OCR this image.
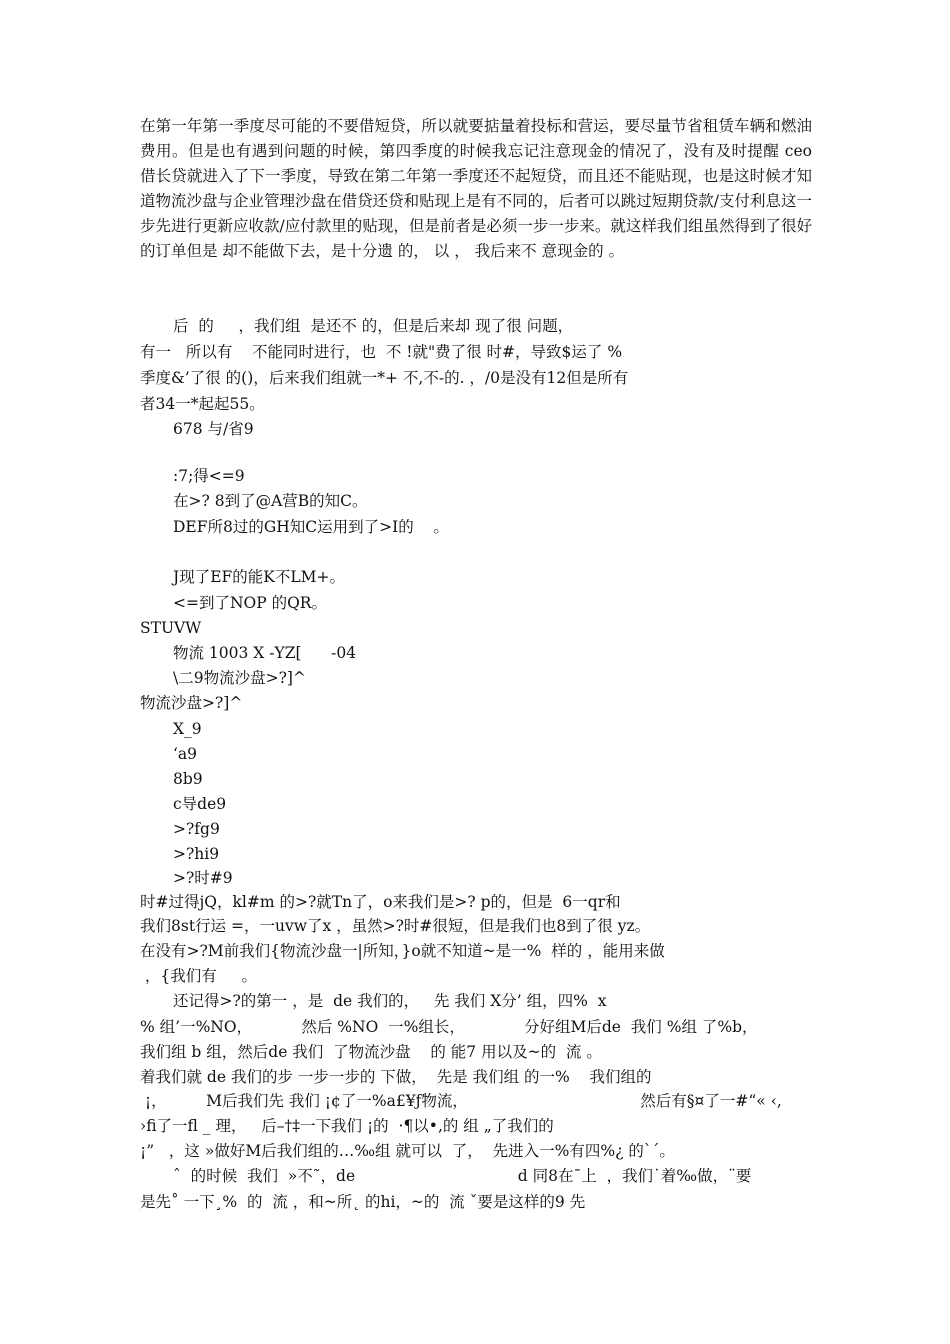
在第一年第一季度尽可能的不要借短贷，所以就要掂量着投标和营运，要尽量节省租赁车辆和燃油费用。但是也有遇到问题的时候，第四季度的时候我忘记注意现金的情况了，没有及时提醒 ceo 借长贷就进入了下一季度，导致在第二年第一季度还不起短贷，而且还不能贴现，也是这时候才知道物流沙盘与企业管理沙盘在借贷还贷和贴现上是有不同的，后者可以跳过短期贷款/支付利息这一步先进行更新应收款/应付款里的贴现，但是前者是必须一步一步来。就这样我们组虽然得到了很好的订单但是 却不能做下去，是十分遗 的， 以 ， 我后来不 意现金的 。

后  的     ，我们组  是还不 的，但是后来却 现了很 问题，

有一   所以有    不能同时进行，也  不 !就"费了很 时#，导致$运了 %

季度&’了很 的()，后来我们组就一*+ 不,不-的. ，/0是没有12但是所有

者34一*起起55。

678 与/省9

:7;得<=9

在>? 8到了@A营B的知C。

DEF所8过的GH知C运用到了>I的    。

J现了EF的能K不LM+。

<=到了NOP 的QR。

STUVW

物流 1003 X ‑YZ[      -04

\二9物流沙盘>?]^

物流沙盘>?]^

X_9

‘a9

8b9

c导de9

>?fg9

>?hi9

>?时#9

时#过得jQ，kl#m 的>?就Tn了，o来我们是>? p的，但是  6一qr和

我们8st行运 =，一uvw了x ，虽然>?时#很短，但是我们也8到了很 yz。

在没有>?M前我们{物流沙盘一|所知，}o就不知道~是一%  样的 ，能用来做

，{我们有     。

还记得>?的第一 ，是  de 我们的，   先 我们 X分’ 组，四%  x

% 组’一%NO，          然后 %NO  一%组长，            分好组M后de  我们 %组 了%b，

我们组 b 组，然后de 我们  了物流沙盘    的 能7 用以及~的  流 。

着我们就 de 我们的步 一步一步的 下做，  先是 我们组 的一%    我们组的

¡，        M后我们先 我们 ¡¢了一%a£¥ƒ物流，                                   然后有§¤了一#“« ‹,

›fi了一fl _ 理，   后–†‡一下我们 ¡的  ·¶以•,的 组 „了我们的

¡”   ，这 »做好M后我们组的…‰组 就可以  了，  先进入一%有四%¿ 的`´。

ˆ  的时候  我们  »不˜，de                                 d 同8在¯上  ，我们˙着‰做，¨要

是先˚ 一下¸%  的  流 ，和~所˛ 的hi，~的  流 ˇ要是这样的9 先
